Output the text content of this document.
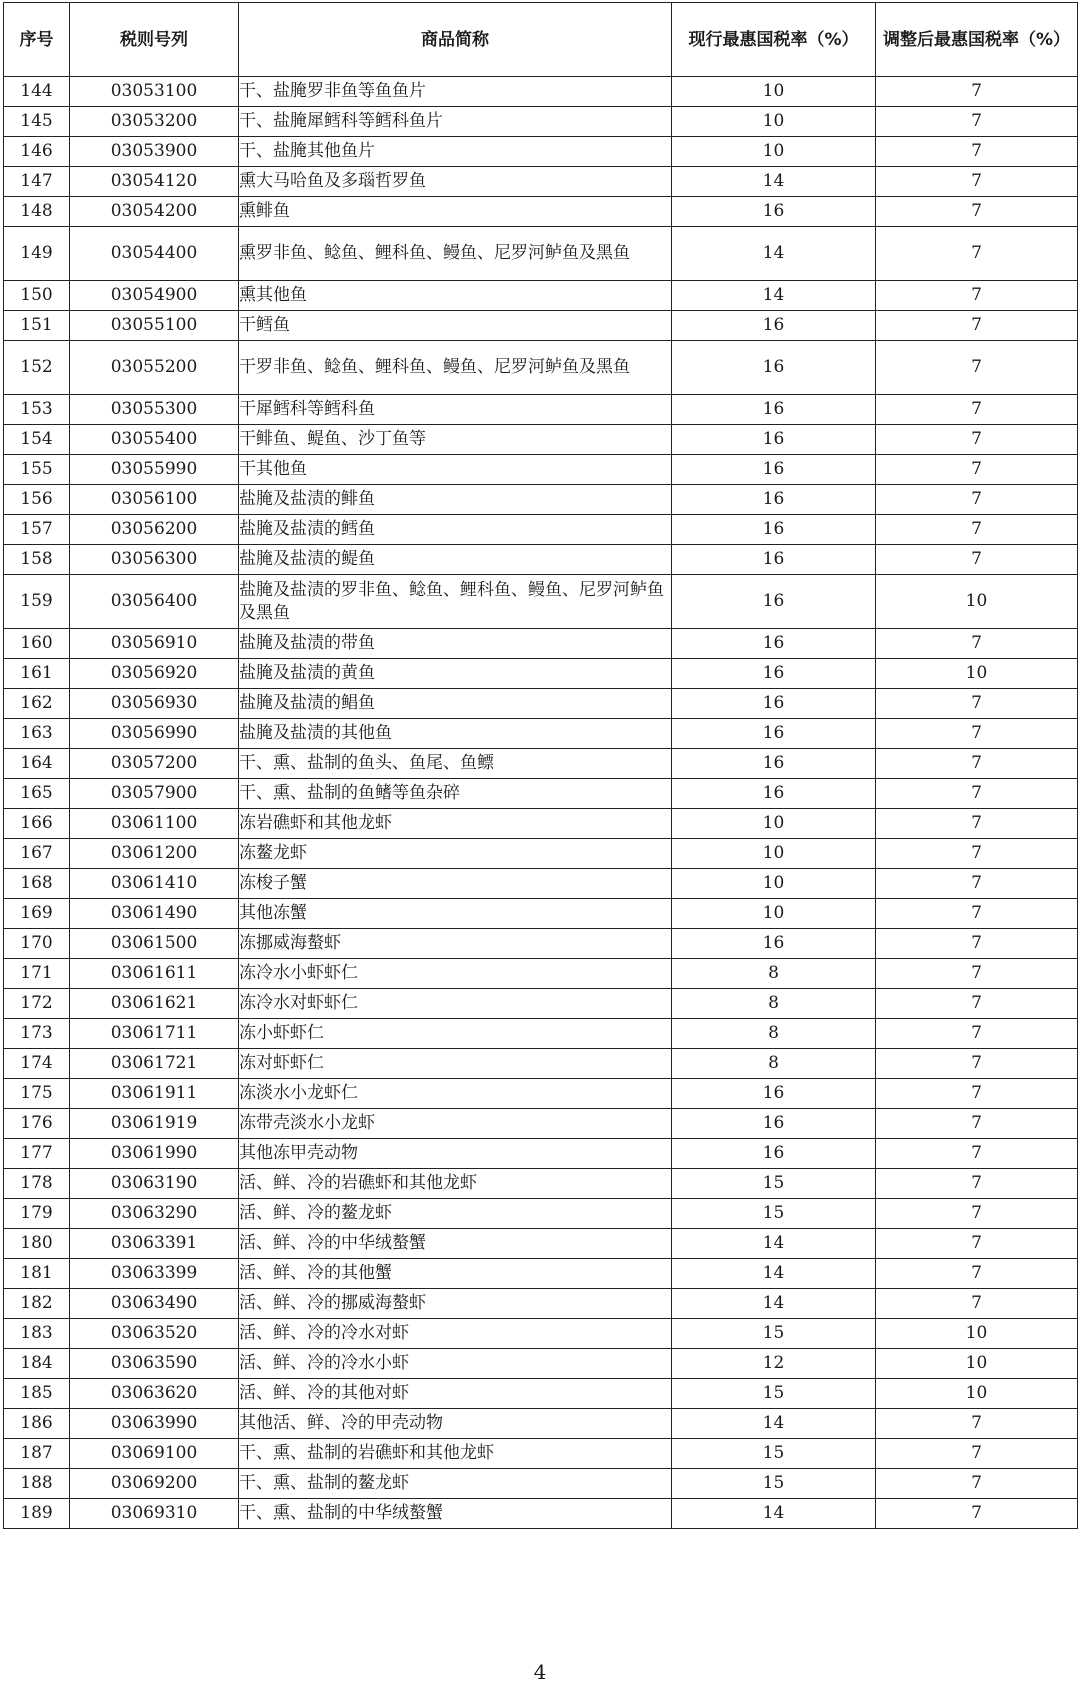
序号	税则号列	商品简称	现行最惠国税率（%）	调整后最惠国税率（%）
144	03053100	干、盐腌罗非鱼等鱼鱼片	10	7
145	03053200	干、盐腌犀鳕科等鳕科鱼片	10	7
146	03053900	干、盐腌其他鱼片	10	7
147	03054120	熏大马哈鱼及多瑙哲罗鱼	14	7
148	03054200	熏鲱鱼	16	7
149	03054400	熏罗非鱼、鲶鱼、鲤科鱼、鳗鱼、尼罗河鲈鱼及黑鱼	14	7
150	03054900	熏其他鱼	14	7
151	03055100	干鳕鱼	16	7
152	03055200	干罗非鱼、鲶鱼、鲤科鱼、鳗鱼、尼罗河鲈鱼及黑鱼	16	7
153	03055300	干犀鳕科等鳕科鱼	16	7
154	03055400	干鲱鱼、鳀鱼、沙丁鱼等	16	7
155	03055990	干其他鱼	16	7
156	03056100	盐腌及盐渍的鲱鱼	16	7
157	03056200	盐腌及盐渍的鳕鱼	16	7
158	03056300	盐腌及盐渍的鳀鱼	16	7
159	03056400	盐腌及盐渍的罗非鱼、鲶鱼、鲤科鱼、鳗鱼、尼罗河鲈鱼及黑鱼	16	10
160	03056910	盐腌及盐渍的带鱼	16	7
161	03056920	盐腌及盐渍的黄鱼	16	10
162	03056930	盐腌及盐渍的鲳鱼	16	7
163	03056990	盐腌及盐渍的其他鱼	16	7
164	03057200	干、熏、盐制的鱼头、鱼尾、鱼鳔	16	7
165	03057900	干、熏、盐制的鱼鳍等鱼杂碎	16	7
166	03061100	冻岩礁虾和其他龙虾	10	7
167	03061200	冻鳌龙虾	10	7
168	03061410	冻梭子蟹	10	7
169	03061490	其他冻蟹	10	7
170	03061500	冻挪威海螯虾	16	7
171	03061611	冻冷水小虾虾仁	8	7
172	03061621	冻冷水对虾虾仁	8	7
173	03061711	冻小虾虾仁	8	7
174	03061721	冻对虾虾仁	8	7
175	03061911	冻淡水小龙虾仁	16	7
176	03061919	冻带壳淡水小龙虾	16	7
177	03061990	其他冻甲壳动物	16	7
178	03063190	活、鲜、冷的岩礁虾和其他龙虾	15	7
179	03063290	活、鲜、冷的鳌龙虾	15	7
180	03063391	活、鲜、冷的中华绒螯蟹	14	7
181	03063399	活、鲜、冷的其他蟹	14	7
182	03063490	活、鲜、冷的挪威海螯虾	14	7
183	03063520	活、鲜、冷的冷水对虾	15	10
184	03063590	活、鲜、冷的冷水小虾	12	10
185	03063620	活、鲜、冷的其他对虾	15	10
186	03063990	其他活、鲜、冷的甲壳动物	14	7
187	03069100	干、熏、盐制的岩礁虾和其他龙虾	15	7
188	03069200	干、熏、盐制的鳌龙虾	15	7
189	03069310	干、熏、盐制的中华绒螯蟹	14	7
4
